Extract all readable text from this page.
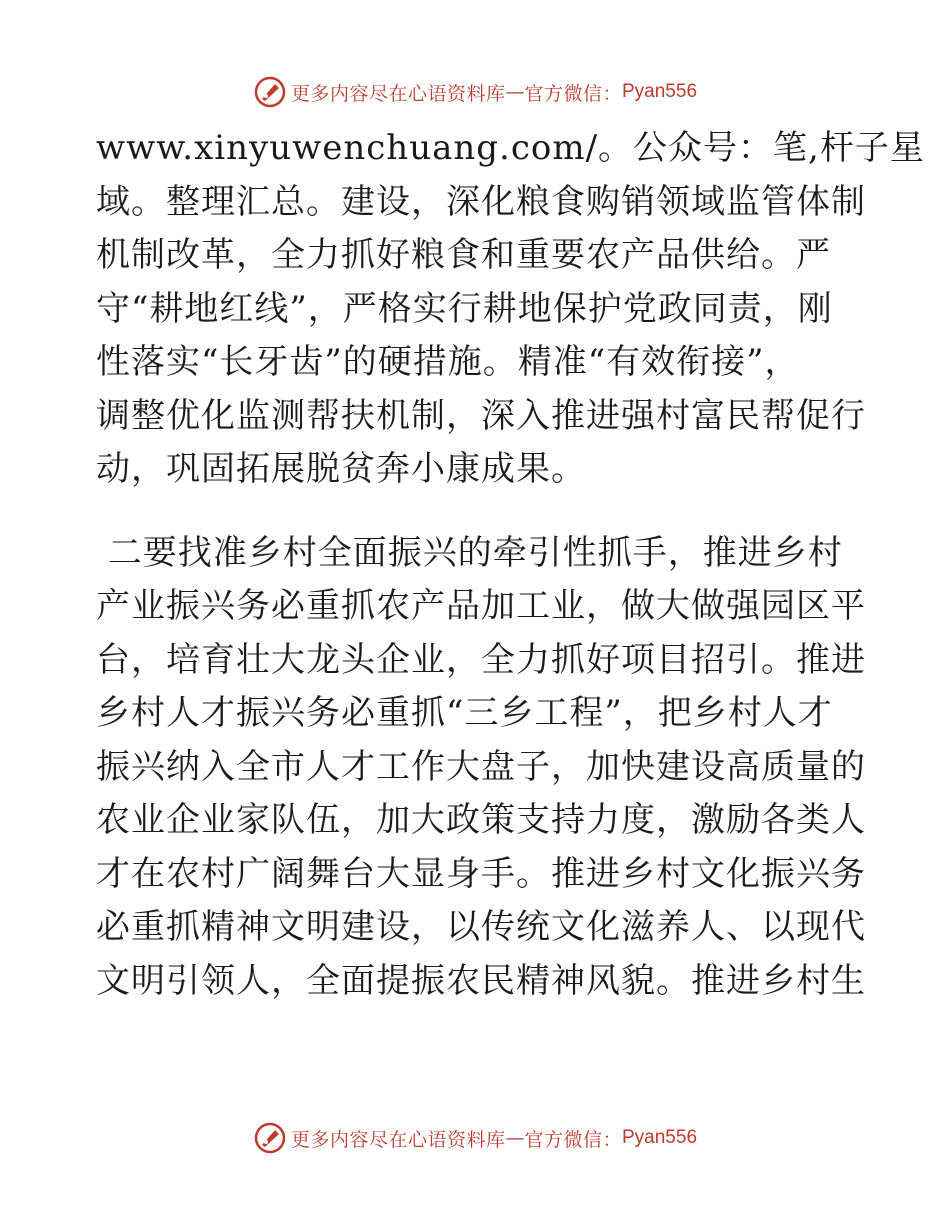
更多内容尽在心语资料库 — 官方微信： Pyan556
www.xinyuwenchuang.com/。公众号：笔,杆子星
域。整理汇总。建设，深化粮食购销领域监管体制
机制改革，全力抓好粮食和重要农产品供给。严
守“耕地红线”，严格实行耕地保护党政同责，刚
性落实“长牙齿”的硬措施。精准“有效衔接”，
调整优化监测帮扶机制，深入推进强村富民帮促行
动，巩固拓展脱贫奔小康成果。
二要找准乡村全面振兴的牵引性抓手，推进乡村
产业振兴务必重抓农产品加工业，做大做强园区平
台，培育壮大龙头企业，全力抓好项目招引。推进
乡村人才振兴务必重抓“三乡工程”，把乡村人才
振兴纳入全市人才工作大盘子，加快建设高质量的
农业企业家队伍，加大政策支持力度，激励各类人
才在农村广阔舞台大显身手。推进乡村文化振兴务
必重抓精神文明建设，以传统文化滋养人、以现代
文明引领人，全面提振农民精神风貌。推进乡村生
更多内容尽在心语资料库 — 官方微信： Pyan556
